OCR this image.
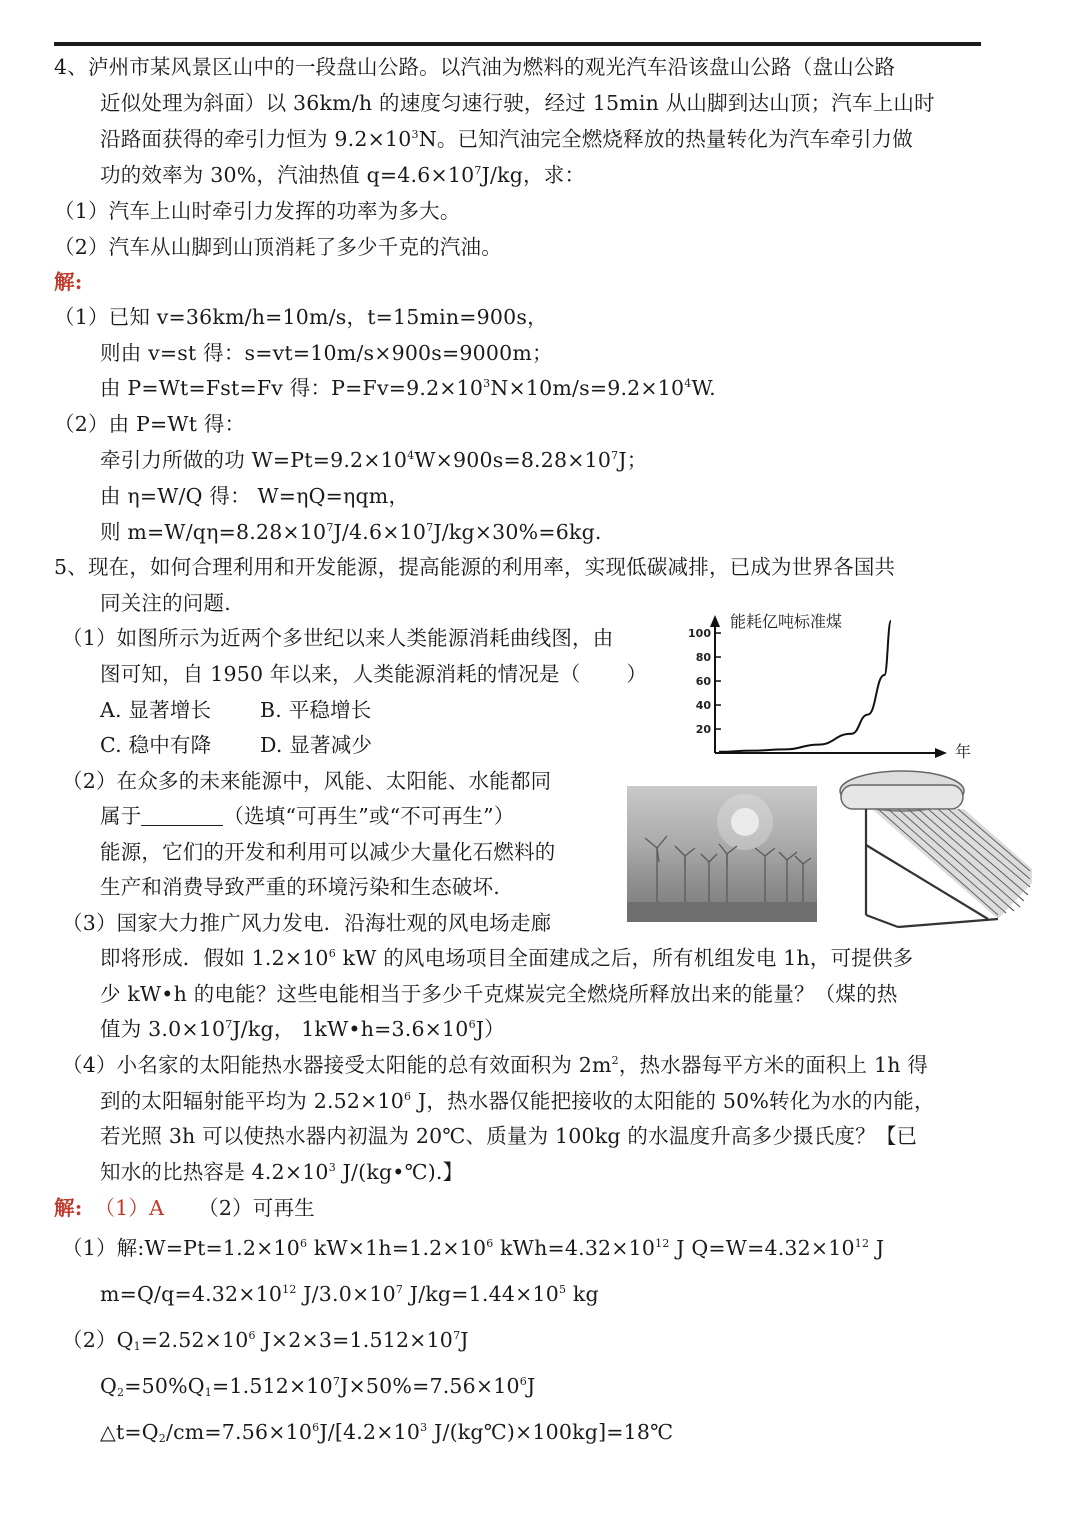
4、泸州市某风景区山中的一段盘山公路。以汽油为燃料的观光汽车沿该盘山公路（盘山公路
近似处理为斜面）以 36km/h 的速度匀速行驶，经过 15min 从山脚到达山顶；汽车上山时
沿路面获得的牵引力恒为 $9.2\times 10^3N$。已知汽油完全燃烧释放的热量转化为汽车牵引力做
功的效率为 30%，汽油热值 $q=4.6\times 10^7J/kg$，求：
（1）汽车上山时牵引力发挥的功率为多大。
（2）汽车从山脚到山顶消耗了多少千克的汽油。
解:
（1）已知 v=36km/h=10m/s，t=15min=900s，
则由 v=st 得：s=vt=10m/s×900s=9000m；
由 P=Wt=Fst=Fv 得：$P=Fv=9.2\times 10^3N\times 10m/s=9.2\times 10^4W$.
（2）由 P=Wt 得：
牵引力所做的功 $W=Pt=9.2\times 10^4W\times 900s=8.28\times 10^7J$；
由 η=W/Q 得： W=ηQ=ηqm，
则 $m=W/q\eta=8.28\times 10^7J/4.6\times 10^7J/kg\times 30\%=6kg$.
5、现在，如何合理利用和开发能源，提高能源的利用率，实现低碳减排，已成为世界各国共
同关注的问题.
（1）如图所示为近两个多世纪以来人类能源消耗曲线图，由
图可知，自 1950 年以来，人类能源消耗的情况是（ ）
A. 显著增长 B. 平稳增长
C. 稳中有降 D. 显著减少
能耗亿吨标准煤
20
40
60
80
100
年
（2）在众多的未来能源中，风能、太阳能、水能都同
属于	（选填“可再生”或“不可再生”）
能源，它们的开发和利用可以减少大量化石燃料的
生产和消费导致严重的环境污染和生态破坏.
（3）国家大力推广风力发电．沿海壮观的风电场走廊
即将形成．假如 $1.2\times 10^6$ kW 的风电场项目全面建成之后，所有机组发电 1h，可提供多
少 kW•h 的电能？这些电能相当于多少千克煤炭完全燃烧所释放出来的能量？（煤的热
值为 $3.0\times 10^7J/kg$， $1kW•h=3.6\times 10^6J$）
（4）小名家的太阳能热水器接受太阳能的总有效面积为 $2m^2$，热水器每平方米的面积上 1h 得
到的太阳辐射能平均为 $2.52\times 10^6$ J，热水器仅能把接收的太阳能的 50%转化为水的内能，
若光照 3h 可以使热水器内初温为 20℃、质量为 100kg 的水温度升高多少摄氏度？【已
知水的比热容是 $4.2\times 10^3$ J/(kg•℃).】
解: （1）A （2）可再生
（1）解$:W=Pt=1.2\times 10^6$ $kW\times 1h=1.2\times 10^6$ $kWh=4.32\times 10^{12}$ J $Q=W=4.32\times 10^{12}$ J
$m=Q/q=4.32\times 10^{12}$ $J/3.0\times 10^7$ $J/kg=1.44\times 10^5$ kg
$(2)Q_1=2.52\times 10^6$ $J\times 2\times 3=1.512\times 10^7J$
$Q_2=50\%Q_1=1.512\times 10^7J\times 50\%=7.56\times 10^6J$
$\triangle t=Q_2/cm=7.56\times 10^6J/[4.2\times 10^3$ J/(kg℃)×100kg]=18℃
